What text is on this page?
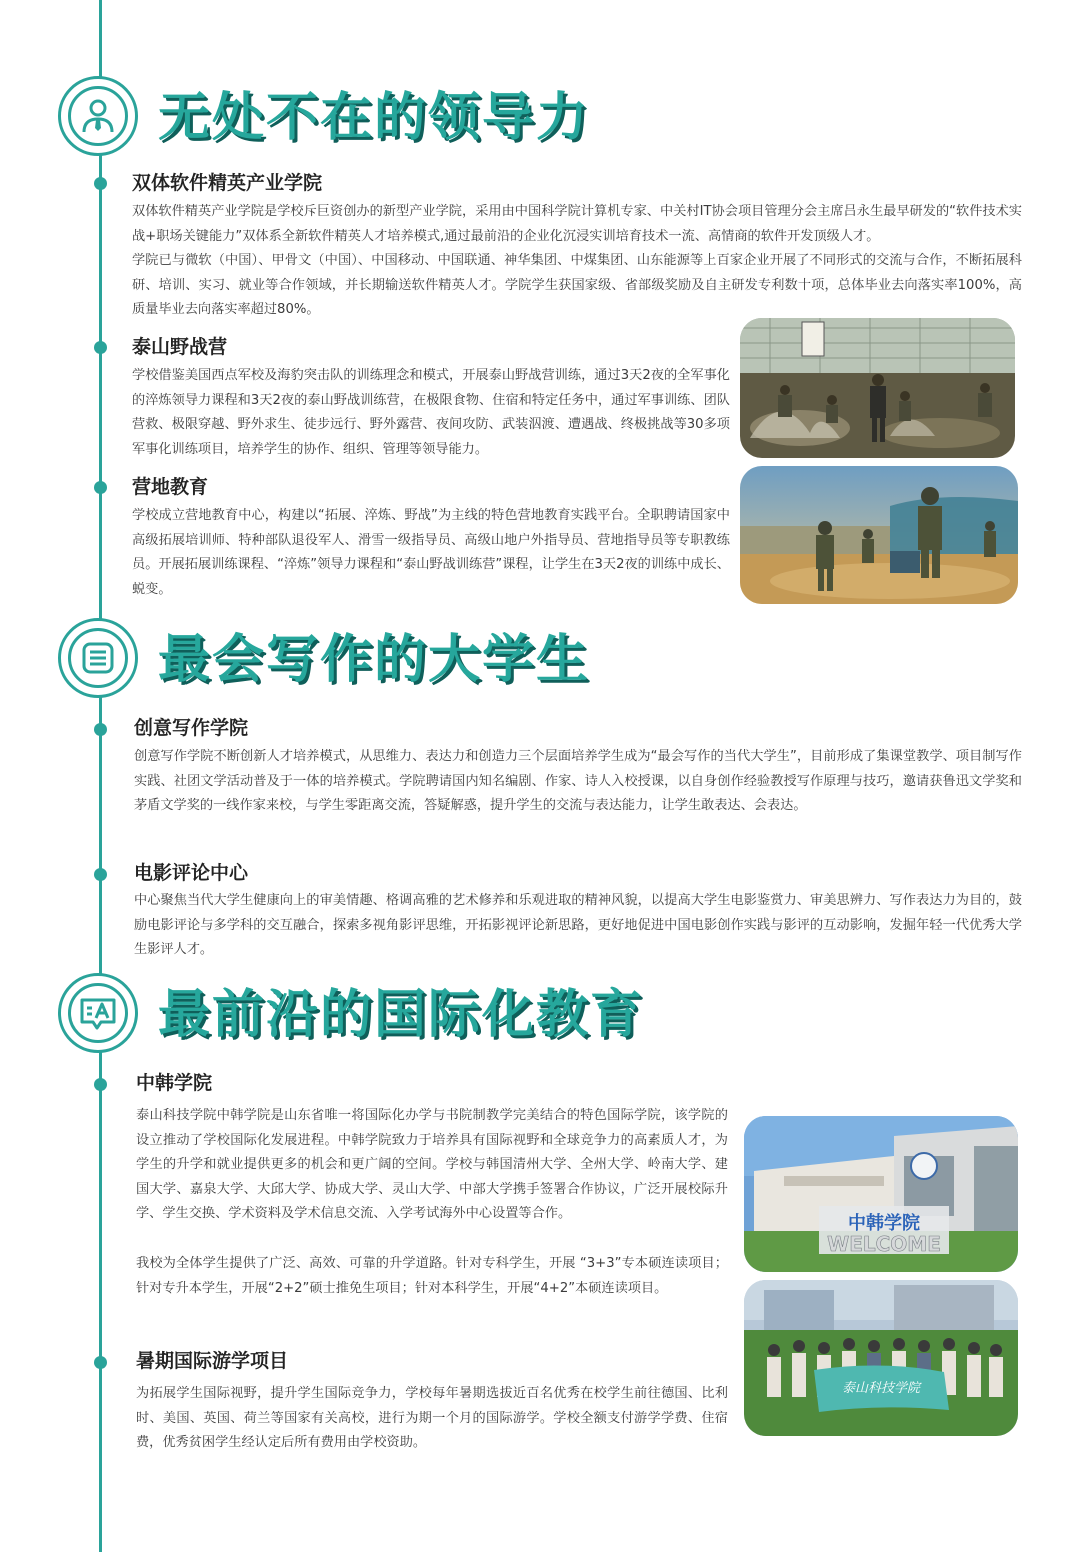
无处不在的领导力
双体软件精英产业学院

双体软件精英产业学院是学校斥巨资创办的新型产业学院，采用由中国科学院计算机专家、中关村IT协会项目管理分会主席吕永生最早研发的“软件技术实战+职场关键能力”双体系全新软件精英人才培养模式,通过最前沿的企业化沉浸实训培育技术一流、高情商的软件开发顶级人才。

学院已与微软（中国）、甲骨文（中国）、中国移动、中国联通、神华集团、中煤集团、山东能源等上百家企业开展了不同形式的交流与合作，不断拓展科研、培训、实习、就业等合作领域，并长期输送软件精英人才。学院学生获国家级、省部级奖励及自主研发专利数十项，总体毕业去向落实率100%，高质量毕业去向落实率超过80%。

泰山野战营

学校借鉴美国西点军校及海豹突击队的训练理念和模式，开展泰山野战营训练，通过3天2夜的全军事化的淬炼领导力课程和3天2夜的泰山野战训练营，在极限食物、住宿和特定任务中，通过军事训练、团队营救、极限穿越、野外求生、徒步远行、野外露营、夜间攻防、武装泅渡、遭遇战、终极挑战等30多项军事化训练项目，培养学生的协作、组织、管理等领导能力。

营地教育

学校成立营地教育中心，构建以“拓展、淬炼、野战”为主线的特色营地教育实践平台。全职聘请国家中高级拓展培训师、特种部队退役军人、滑雪一级指导员、高级山地户外指导员、营地指导员等专职教练员。开展拓展训练课程、“淬炼”领导力课程和“泰山野战训练营”课程，让学生在3天2夜的训练中成长、蜕变。

最会写作的大学生
创意写作学院

创意写作学院不断创新人才培养模式，从思维力、表达力和创造力三个层面培养学生成为“最会写作的当代大学生”，目前形成了集课堂教学、项目制写作实践、社团文学活动普及于一体的培养模式。学院聘请国内知名编剧、作家、诗人入校授课，以自身创作经验教授写作原理与技巧，邀请获鲁迅文学奖和茅盾文学奖的一线作家来校，与学生零距离交流，答疑解惑，提升学生的交流与表达能力，让学生敢表达、会表达。

电影评论中心

中心聚焦当代大学生健康向上的审美情趣、格调高雅的艺术修养和乐观进取的精神风貌，以提高大学生电影鉴赏力、审美思辨力、写作表达力为目的，鼓励电影评论与多学科的交互融合，探索多视角影评思维，开拓影视评论新思路，更好地促进中国电影创作实践与影评的互动影响，发掘年轻一代优秀大学生影评人才。

最前沿的国际化教育
中韩学院

泰山科技学院中韩学院是山东省唯一将国际化办学与书院制教学完美结合的特色国际学院，该学院的设立推动了学校国际化发展进程。中韩学院致力于培养具有国际视野和全球竞争力的高素质人才，为学生的升学和就业提供更多的机会和更广阔的空间。学校与韩国清州大学、全州大学、岭南大学、建国大学、嘉泉大学、大邱大学、协成大学、灵山大学、中部大学携手签署合作协议，广泛开展校际升学、学生交换、学术资料及学术信息交流、入学考试海外中心设置等合作。

我校为全体学生提供了广泛、高效、可靠的升学道路。针对专科学生，开展 “3+3”专本硕连读项目；针对专升本学生，开展“2+2”硕士推免生项目；针对本科学生，开展“4+2”本硕连读项目。

中韩学院
WELCOME
暑期国际游学项目

为拓展学生国际视野，提升学生国际竞争力，学校每年暑期选拔近百名优秀在校学生前往德国、比利时、美国、英国、荷兰等国家有关高校，进行为期一个月的国际游学。学校全额支付游学学费、住宿费，优秀贫困学生经认定后所有费用由学校资助。

泰山科技学院
